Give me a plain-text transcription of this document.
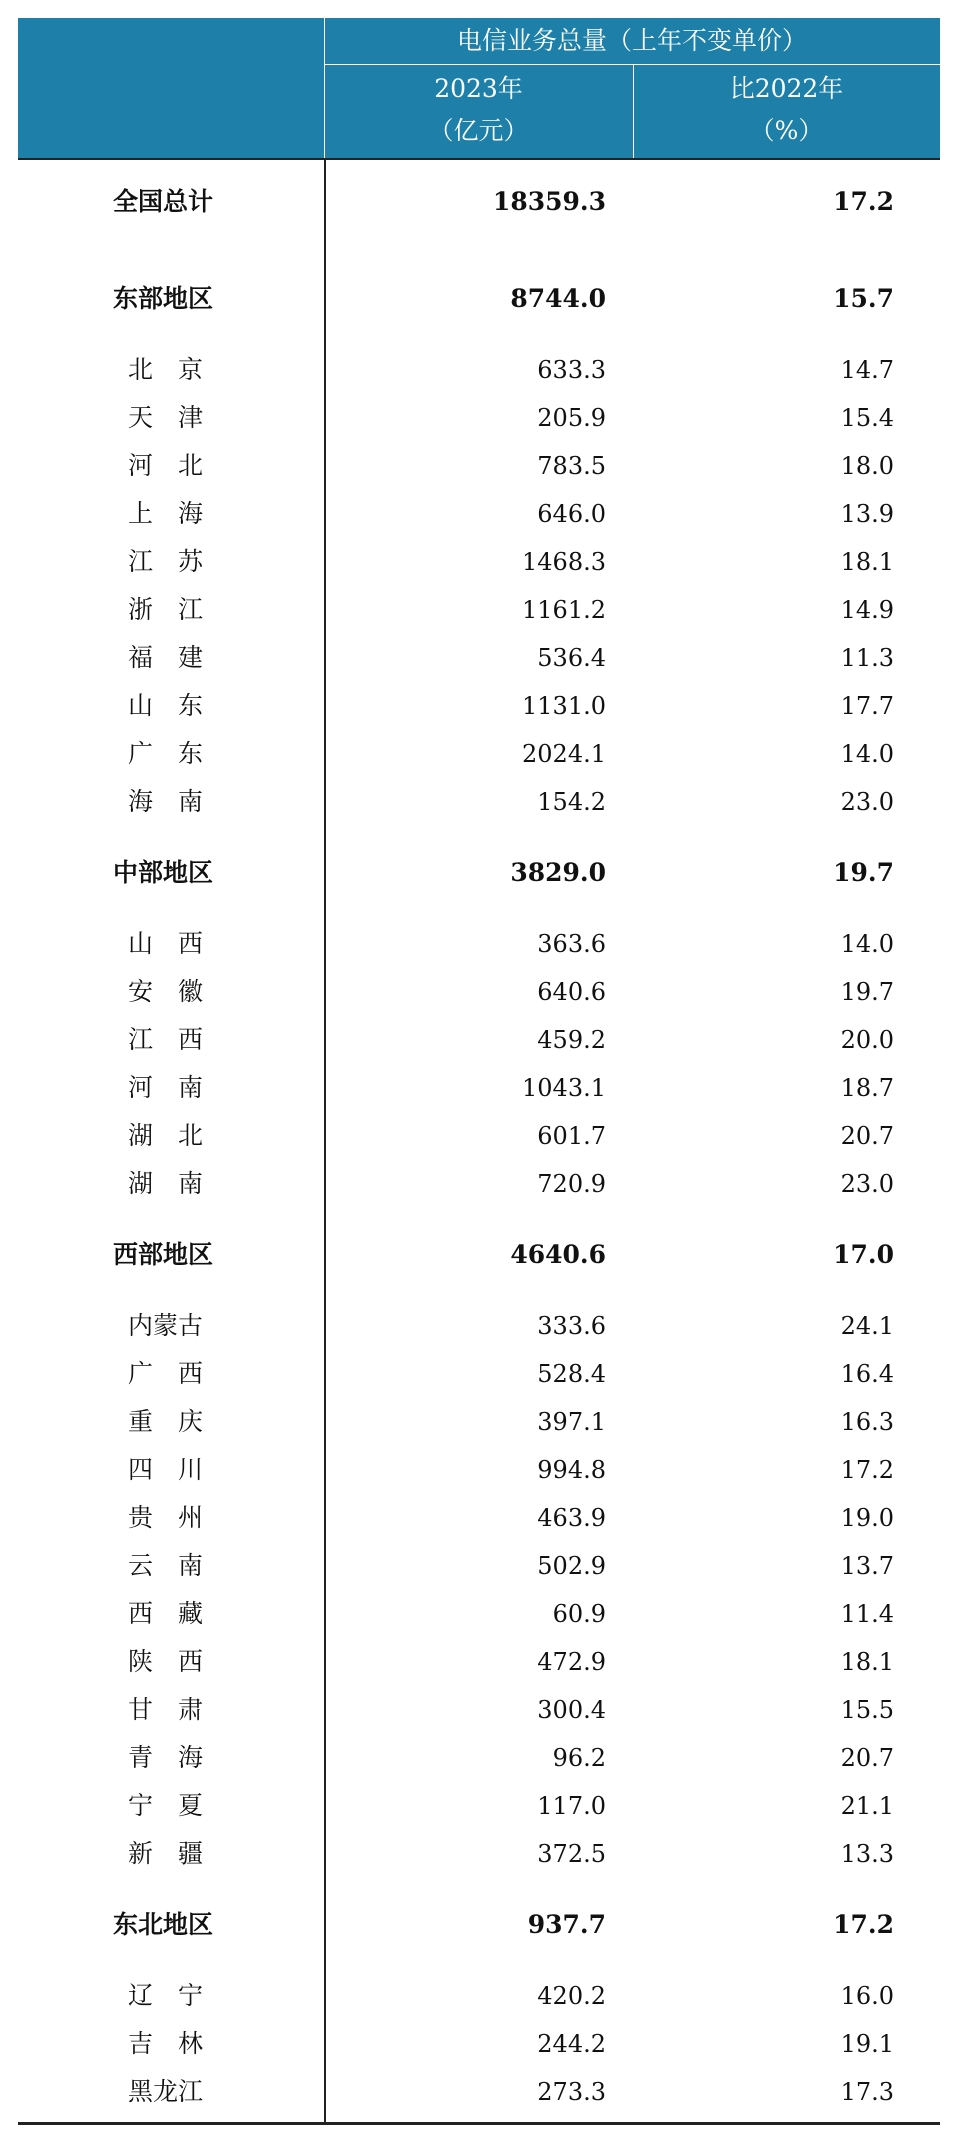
电信业务总量（上年不变单价）
2023年
（亿元）
比2022年
（%）
全国总计	18359.3	17.2
东部地区	8744.0	15.7
北　京	633.3	14.7
天　津	205.9	15.4
河　北	783.5	18.0
上　海	646.0	13.9
江　苏	1468.3	18.1
浙　江	1161.2	14.9
福　建	536.4	11.3
山　东	1131.0	17.7
广　东	2024.1	14.0
海　南	154.2	23.0
中部地区	3829.0	19.7
山　西	363.6	14.0
安　徽	640.6	19.7
江　西	459.2	20.0
河　南	1043.1	18.7
湖　北	601.7	20.7
湖　南	720.9	23.0
西部地区	4640.6	17.0
内蒙古	333.6	24.1
广　西	528.4	16.4
重　庆	397.1	16.3
四　川	994.8	17.2
贵　州	463.9	19.0
云　南	502.9	13.7
西　藏	60.9	11.4
陕　西	472.9	18.1
甘　肃	300.4	15.5
青　海	96.2	20.7
宁　夏	117.0	21.1
新　疆	372.5	13.3
东北地区	937.7	17.2
辽　宁	420.2	16.0
吉　林	244.2	19.1
黑龙江	273.3	17.3
